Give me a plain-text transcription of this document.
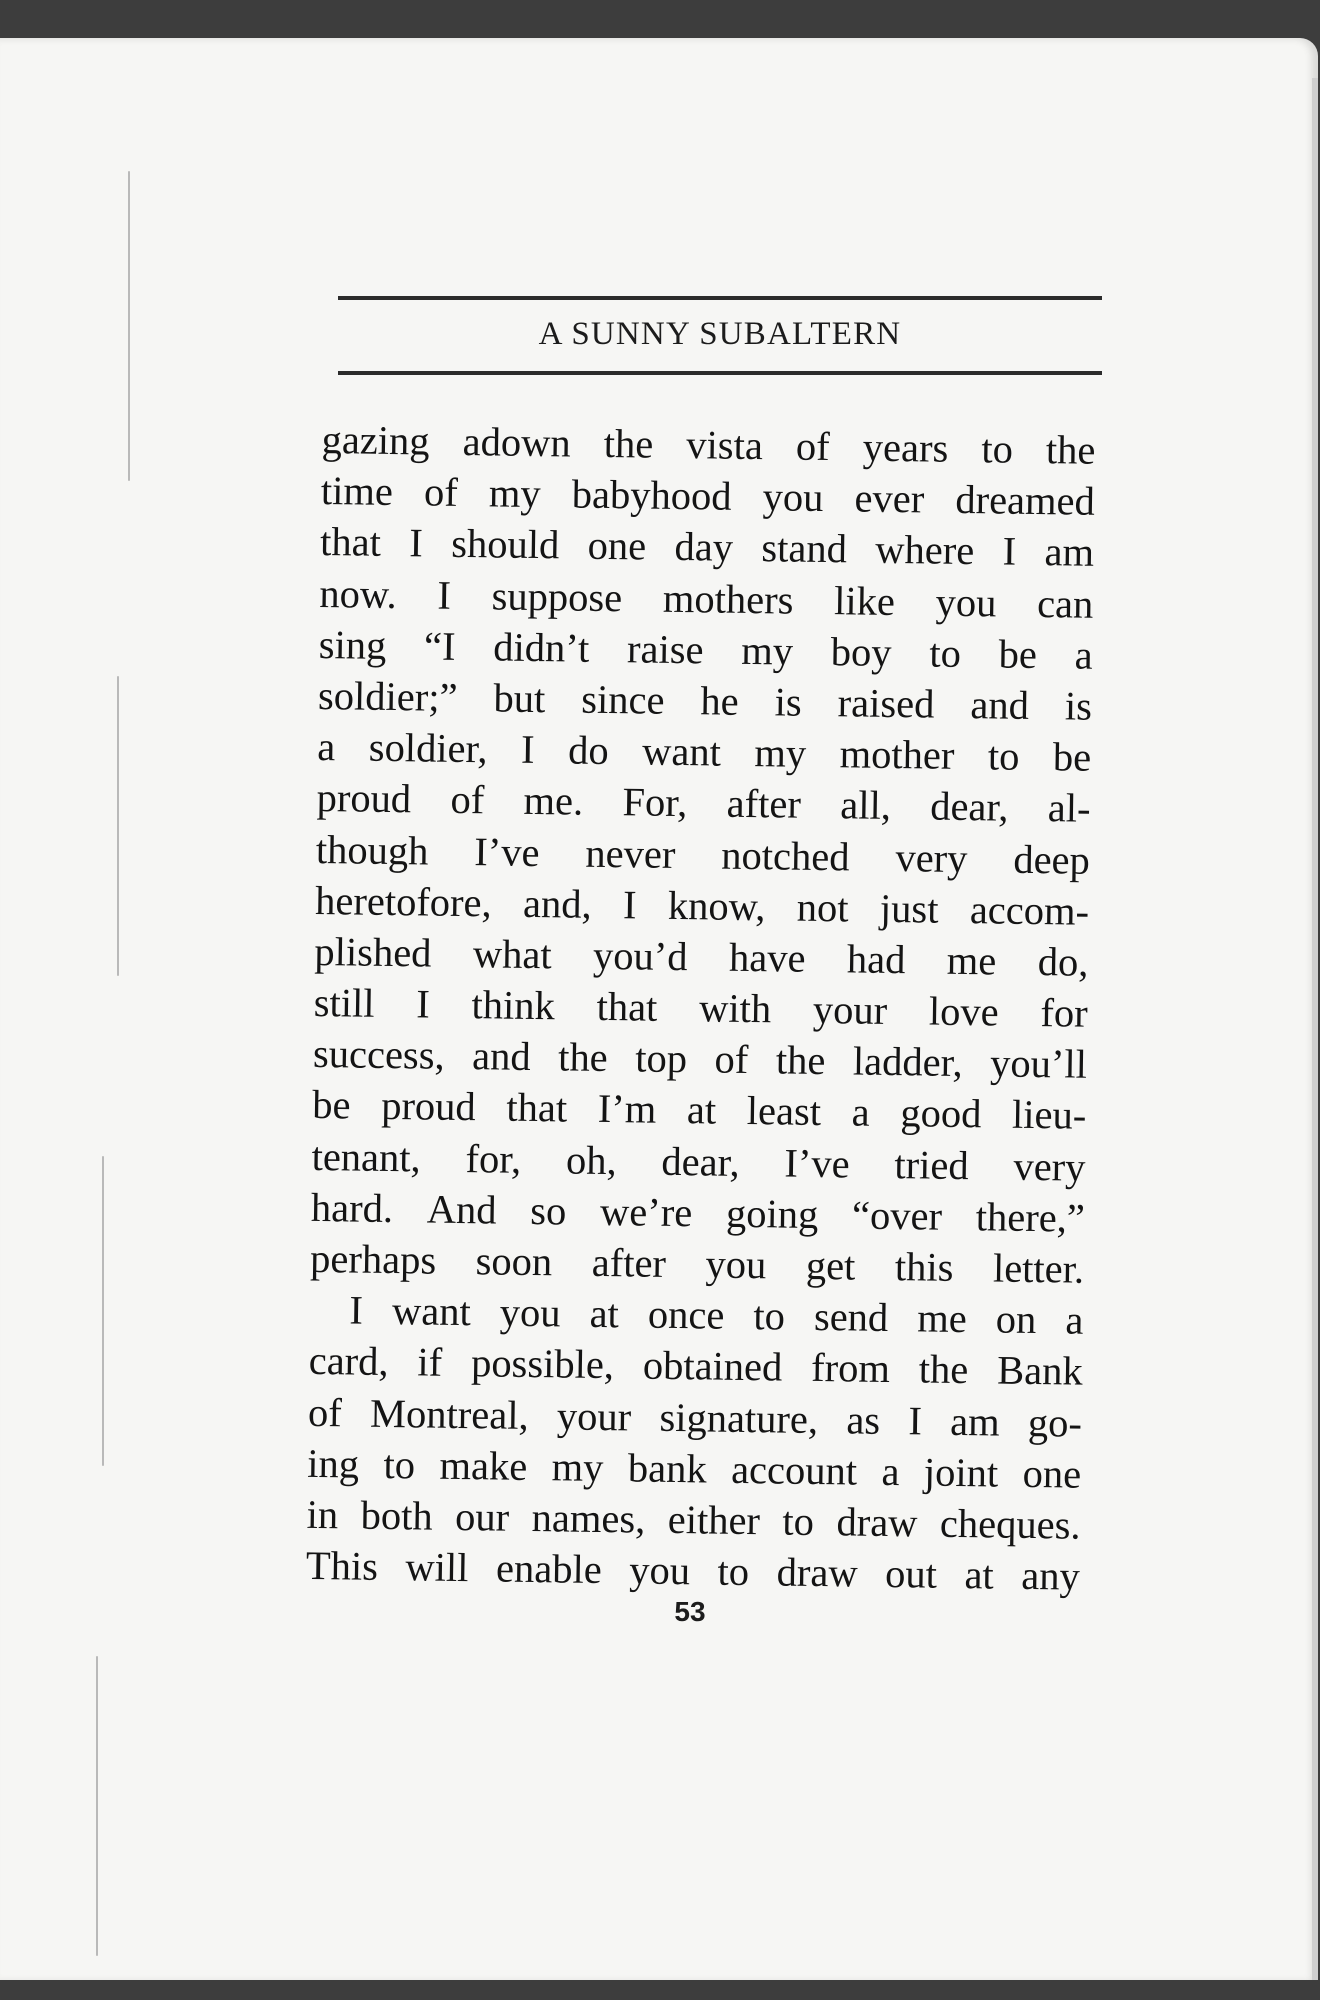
A SUNNY SUBALTERN
gazing adown the vista of years to the
time of my babyhood you ever dreamed
that I should one day stand where I am
now. I suppose mothers like you can
sing “I didn’t raise my boy to be a
soldier;” but since he is raised and is
a soldier, I do want my mother to be
proud of me. For, after all, dear, al-
though I’ve never notched very deep
heretofore, and, I know, not just accom-
plished what you’d have had me do,
still I think that with your love for
success, and the top of the ladder, you’ll
be proud that I’m at least a good lieu-
tenant, for, oh, dear, I’ve tried very
hard. And so we’re going “over there,”
perhaps soon after you get this letter.
I want you at once to send me on a
card, if possible, obtained from the Bank
of Montreal, your signature, as I am go-
ing to make my bank account a joint one
in both our names, either to draw cheques.
This will enable you to draw out at any
53
